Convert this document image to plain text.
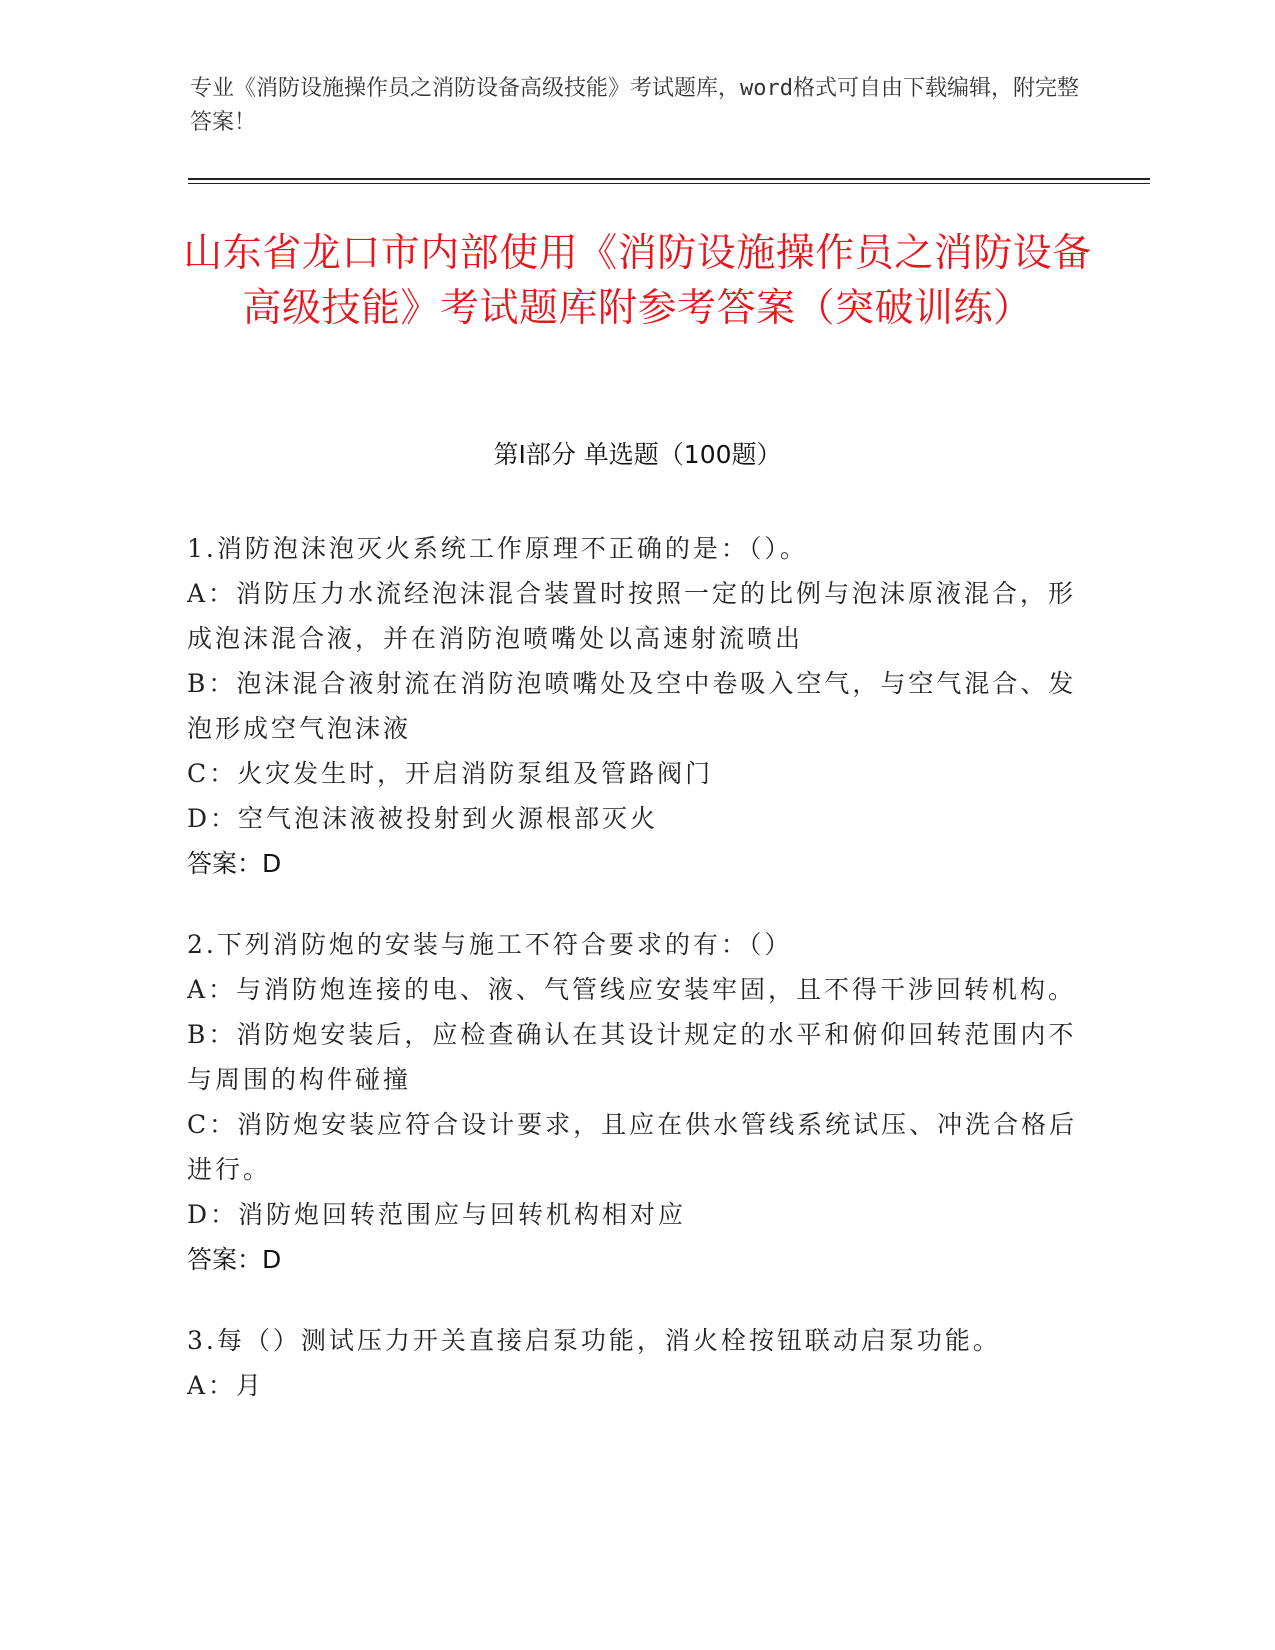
专业《消防设施操作员之消防设备高级技能》考试题库，word格式可自由下载编辑，附完整答案！
山东省龙口市内部使用《消防设施操作员之消防设备高级技能》考试题库附参考答案（突破训练）
第Ⅰ部分 单选题（100题）
1.消防泡沫泡灭火系统工作原理不正确的是：（）。
A：消防压力水流经泡沫混合装置时按照一定的比例与泡沫原液混合，形成泡沫混合液，并在消防泡喷嘴处以高速射流喷出
B：泡沫混合液射流在消防泡喷嘴处及空中卷吸入空气，与空气混合、发泡形成空气泡沫液
C：火灾发生时，开启消防泵组及管路阀门
D：空气泡沫液被投射到火源根部灭火
答案：D
2.下列消防炮的安装与施工不符合要求的有：（）
A：与消防炮连接的电、液、气管线应安装牢固，且不得干涉回转机构。
B：消防炮安装后，应检查确认在其设计规定的水平和俯仰回转范围内不与周围的构件碰撞
C：消防炮安装应符合设计要求，且应在供水管线系统试压、冲洗合格后进行。
D：消防炮回转范围应与回转机构相对应
答案：D
3.每（）测试压力开关直接启泵功能，消火栓按钮联动启泵功能。
A：月
